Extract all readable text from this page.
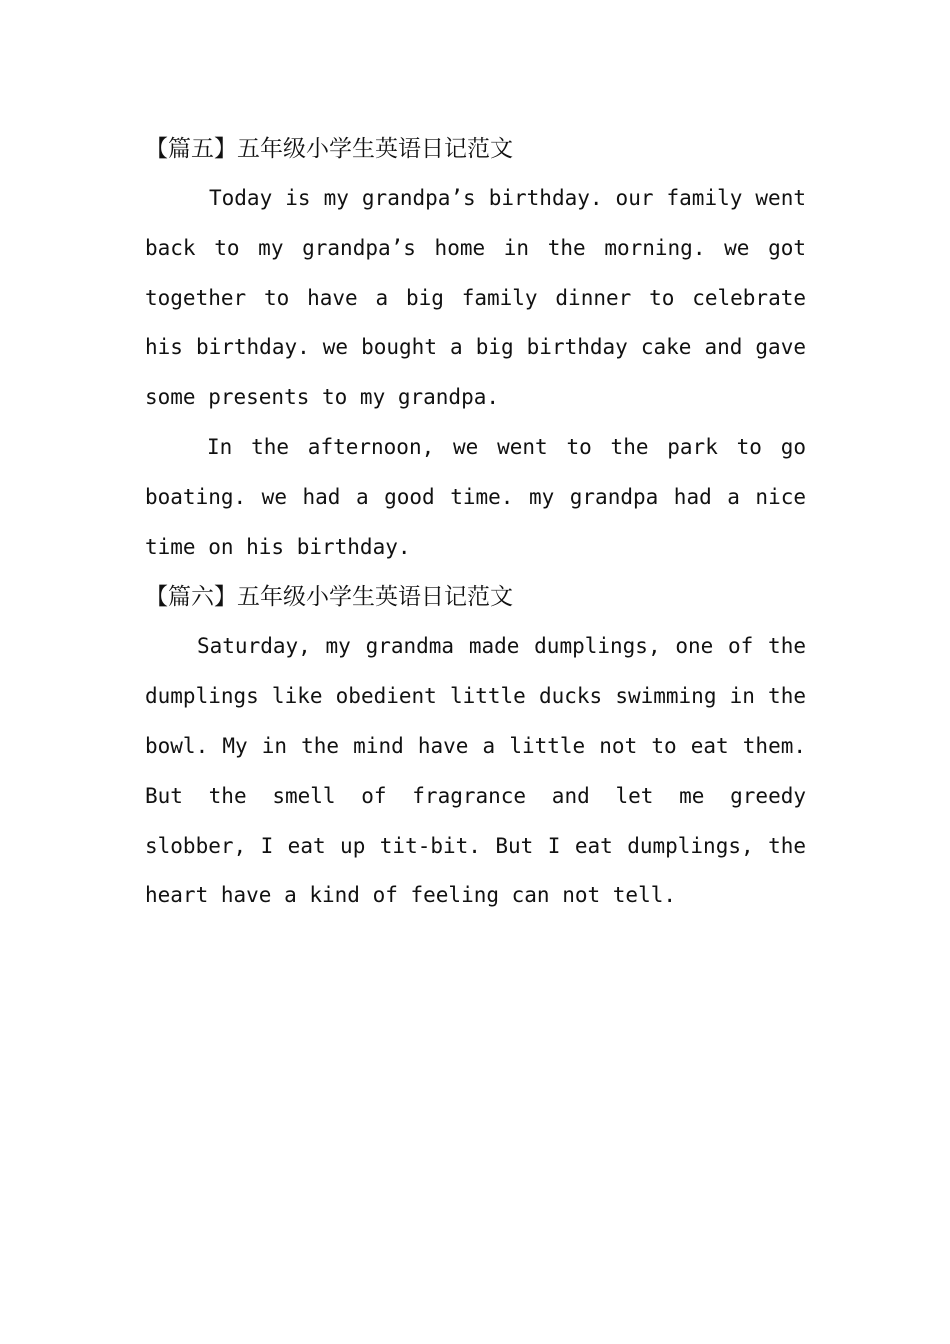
【篇五】五年级小学生英语日记范文

Today is my grandpa’s birthday. our family went back to my grandpa’s home in the morning. we got together to have a big family dinner to celebrate his birthday. we bought a big birthday cake and gave some presents to my grandpa.

In the afternoon, we went to the park to go boating. we had a good time. my grandpa had a nice time on his birthday.

【篇六】五年级小学生英语日记范文

Saturday, my grandma made dumplings, one of the dumplings like obedient little ducks swimming in the bowl. My in the mind have a little not to eat them. But the smell of fragrance and let me greedy slobber, I eat up tit-bit. But I eat dumplings, the heart have a kind of feeling can not tell.
